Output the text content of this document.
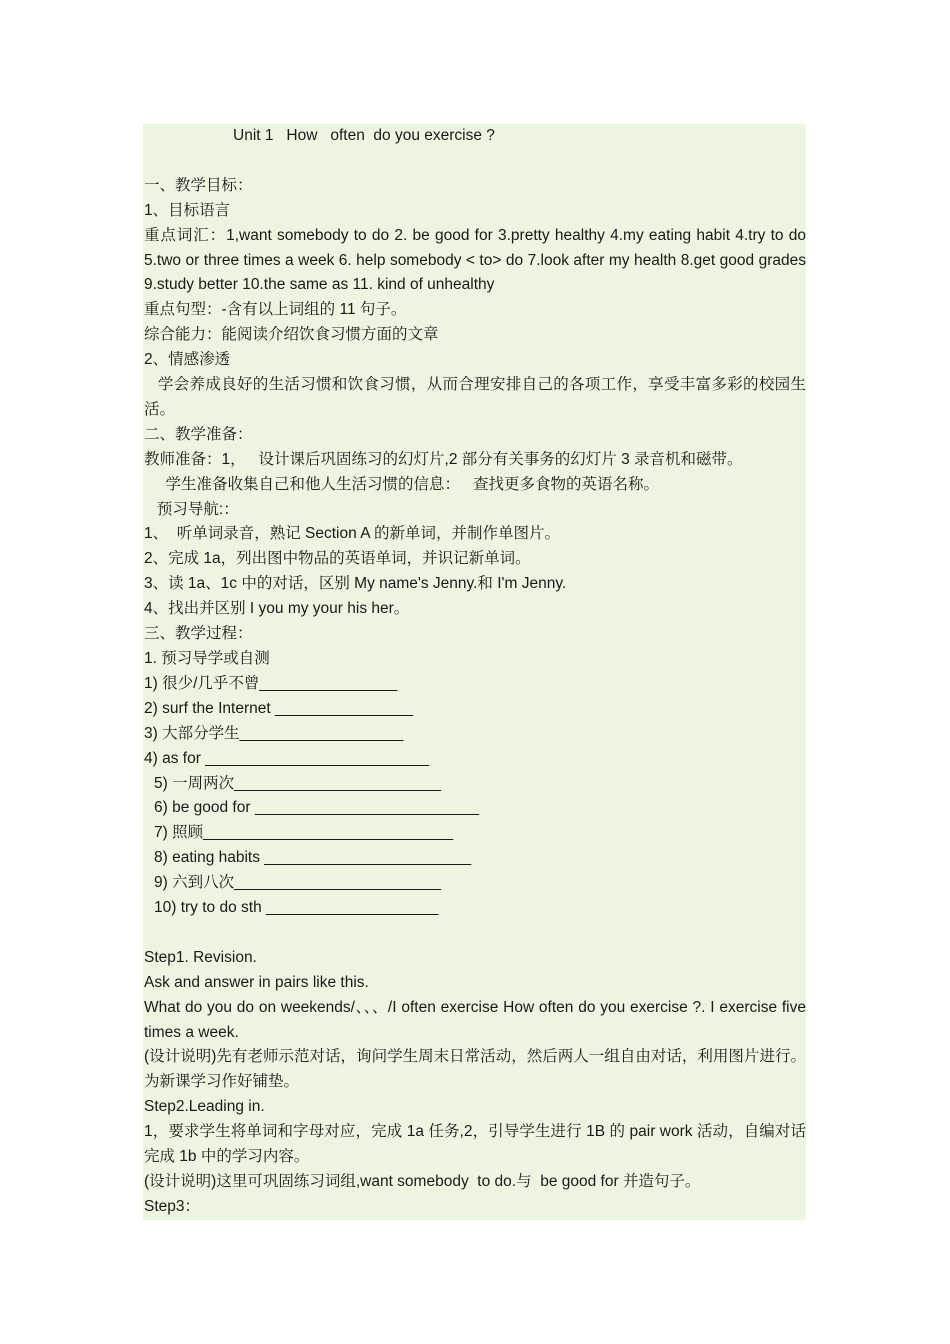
Unit 1   How   often  do you exercise ?
一、教学目标：
1、目标语言
重点词汇：1,want somebody to do 2. be good for 3.pretty healthy 4.my eating habit 4.try to do 5.two or three times a week 6. help somebody < to> do 7.look after my health 8.get good grades 9.study better 10.the same as 11. kind of unhealthy
重点句型：-含有以上词组的 11 句子。
综合能力：能阅读介绍饮食习惯方面的文章
2、情感渗透
学会养成良好的生活习惯和饮食习惯，从而合理安排自己的各项工作，享受丰富多彩的校园生活。
二、教学准备：
教师准备：1，   设计课后巩固练习的幻灯片,2 部分有关事务的幻灯片 3 录音机和磁带。
学生准备收集自己和他人生活习惯的信息：   查找更多食物的英语名称。
预习导航:：
1、  听单词录音，熟记 Section A 的新单词，并制作单图片。
2、完成 1a，列出图中物品的英语单词，并识记新单词。
3、读 1a、1c 中的对话，区别 My name's Jenny.和 I'm Jenny.
4、找出并区别 I you my your his her。
三、教学过程：
1. 预习导学或自测
1) 很少/几乎不曾________________
2) surf the Internet ________________
3) 大部分学生___________________
4) as for __________________________
5) 一周两次________________________
6) be good for __________________________
7) 照顾_____________________________
8) eating habits ________________________
9) 六到八次________________________
10) try to do sth ____________________
Step1. Revision.
Ask and answer in pairs like this.
What do you do on weekends/、、、/I often exercise How often do you exercise ?. I exercise five times a week.
(设计说明)先有老师示范对话，询问学生周末日常活动，然后两人一组自由对话，利用图片进行。为新课学习作好铺垫。
Step2.Leading in.
1，要求学生将单词和字母对应，完成 1a 任务,2，引导学生进行 1B 的 pair work 活动，自编对话完成 1b 中的学习内容。
(设计说明)这里可巩固练习词组,want somebody  to do.与  be good for 并造句子。
Step3：
